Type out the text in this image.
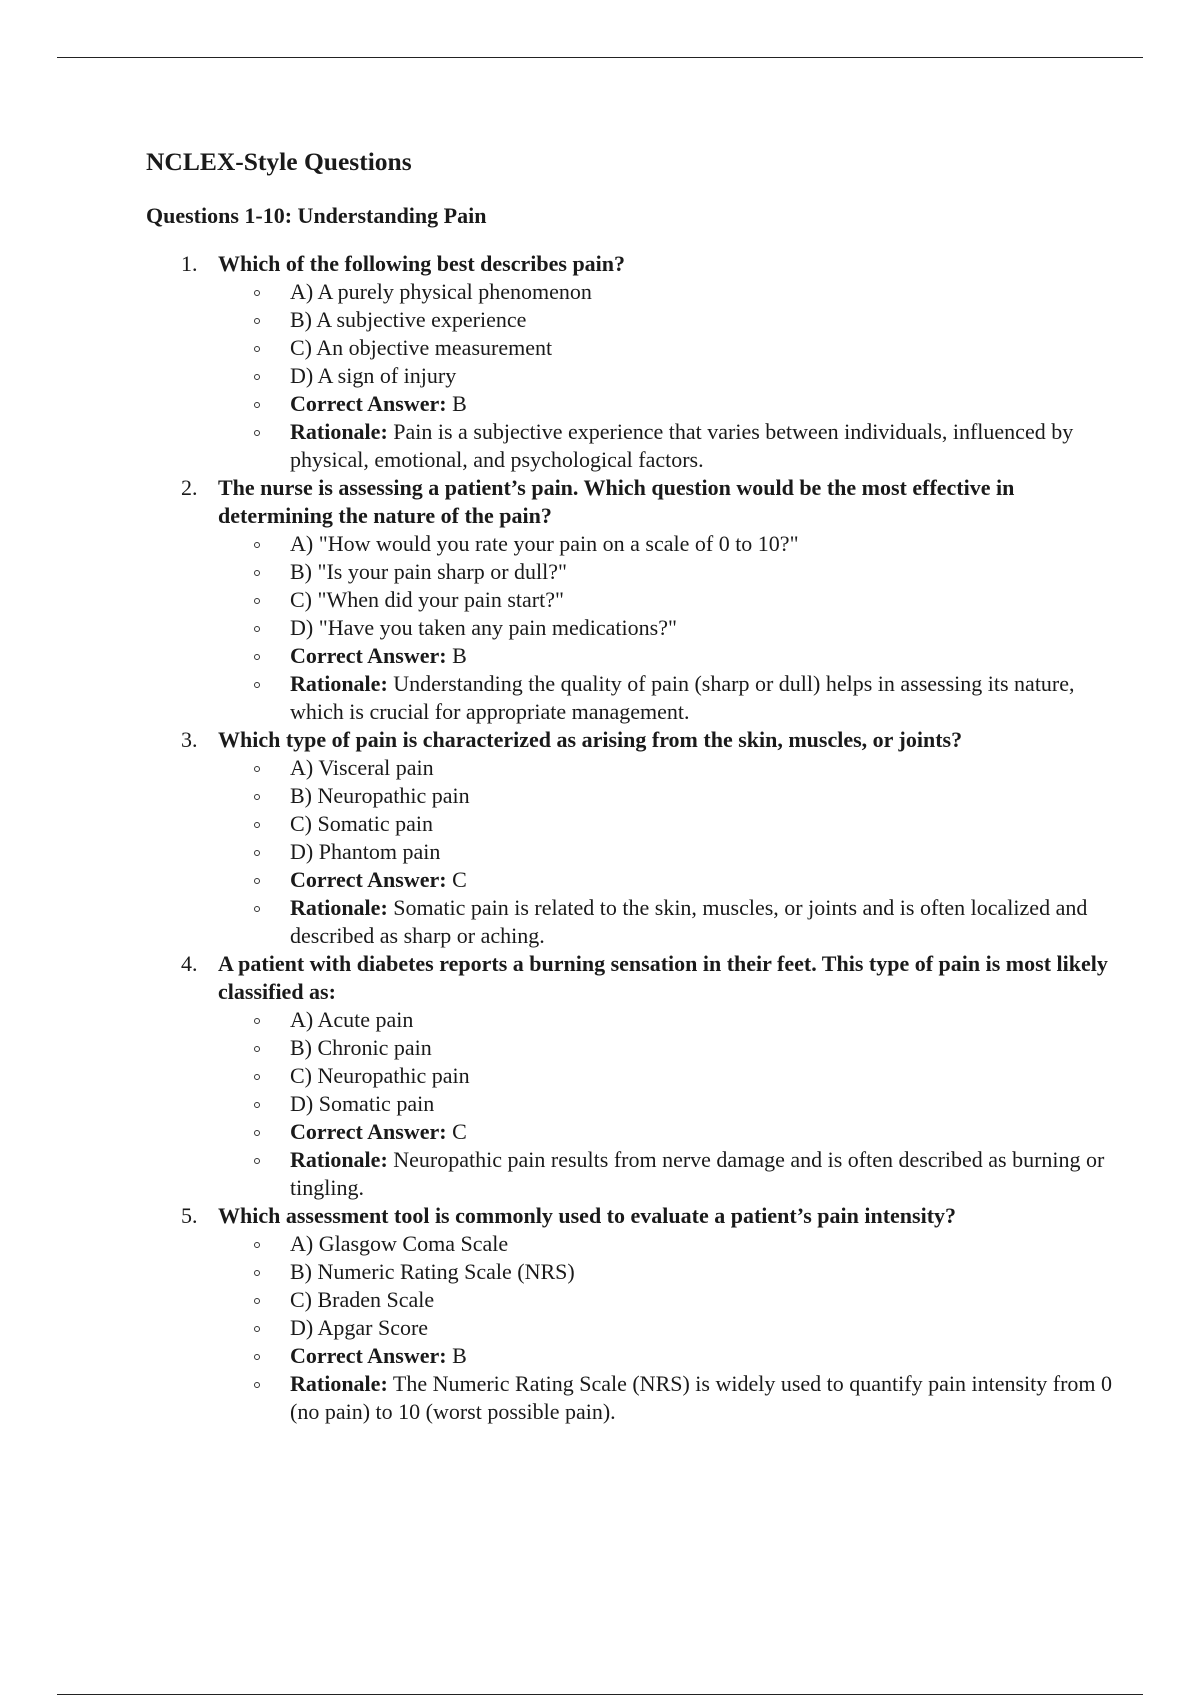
NCLEX-Style Questions
Questions 1-10: Understanding Pain
1. Which of the following best describes pain?
A) A purely physical phenomenon
B) A subjective experience
C) An objective measurement
D) A sign of injury
Correct Answer: B
Rationale: Pain is a subjective experience that varies between individuals, influenced by physical, emotional, and psychological factors.
2. The nurse is assessing a patient’s pain. Which question would be the most effective in determining the nature of the pain?
A) "How would you rate your pain on a scale of 0 to 10?"
B) "Is your pain sharp or dull?"
C) "When did your pain start?"
D) "Have you taken any pain medications?"
Correct Answer: B
Rationale: Understanding the quality of pain (sharp or dull) helps in assessing its nature, which is crucial for appropriate management.
3. Which type of pain is characterized as arising from the skin, muscles, or joints?
A) Visceral pain
B) Neuropathic pain
C) Somatic pain
D) Phantom pain
Correct Answer: C
Rationale: Somatic pain is related to the skin, muscles, or joints and is often localized and described as sharp or aching.
4. A patient with diabetes reports a burning sensation in their feet. This type of pain is most likely classified as:
A) Acute pain
B) Chronic pain
C) Neuropathic pain
D) Somatic pain
Correct Answer: C
Rationale: Neuropathic pain results from nerve damage and is often described as burning or tingling.
5. Which assessment tool is commonly used to evaluate a patient’s pain intensity?
A) Glasgow Coma Scale
B) Numeric Rating Scale (NRS)
C) Braden Scale
D) Apgar Score
Correct Answer: B
Rationale: The Numeric Rating Scale (NRS) is widely used to quantify pain intensity from 0 (no pain) to 10 (worst possible pain).
